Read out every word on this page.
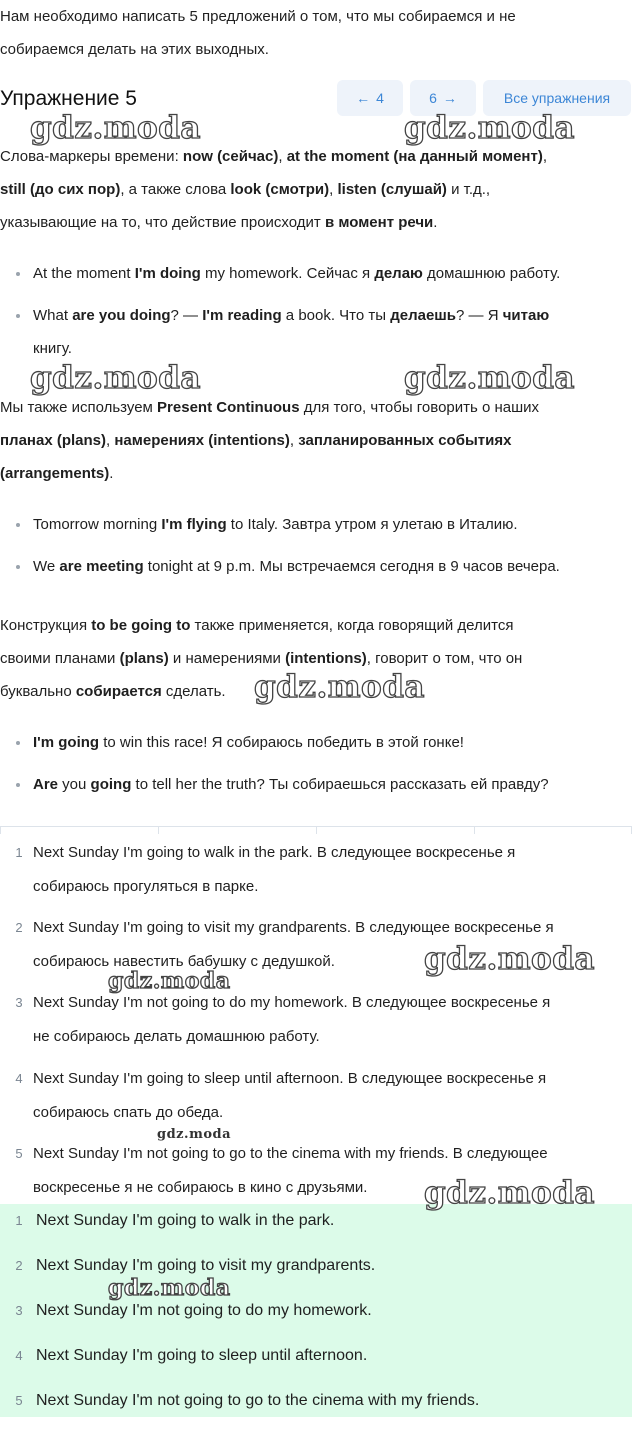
Нам необходимо написать 5 предложений о том, что мы собираемся и не

собираемся делать на этих выходных.

Упражнение 5	← 4	6 →	Все упражнения

Слова-маркеры времени: now (сейчас), at the moment (на данный момент),

still (до сих пор), а также слова look (смотри), listen (слушай) и т.д.,

указывающие на то, что действие происходит в момент речи.

At the moment I'm doing my homework. Сейчас я делаю домашнюю работу.
What are you doing? — I'm reading a book. Что ты делаешь? — Я читаю
книгу.

Мы также используем Present Continuous для того, чтобы говорить о наших

планах (plans), намерениях (intentions), запланированных событиях

(arrangements).

Tomorrow morning I'm flying to Italy. Завтра утром я улетаю в Италию.
We are meeting tonight at 9 p.m. Мы встречаемся сегодня в 9 часов вечера.

Конструкция to be going to также применяется, когда говорящий делится

своими планами (plans) и намерениями (intentions), говорит о том, что он

буквально собирается сделать.

I'm going to win this race! Я собираюсь победить в этой гонке!
Are you going to tell her the truth? Ты собираешься рассказать ей правду?
1 Next Sunday I'm going to walk in the park. В следующее воскресенье я
собираюсь прогуляться в парке.
2 Next Sunday I'm going to visit my grandparents. В следующее воскресенье я
собираюсь навестить бабушку с дедушкой.
3 Next Sunday I'm not going to do my homework. В следующее воскресенье я
не собираюсь делать домашнюю работу.
4 Next Sunday I'm going to sleep until afternoon. В следующее воскресенье я
собираюсь спать до обеда.
5 Next Sunday I'm not going to go to the cinema with my friends. В следующее
воскресенье я не собираюсь в кино с друзьями.
1 Next Sunday I'm going to walk in the park.
2 Next Sunday I'm going to visit my grandparents.
3 Next Sunday I'm not going to do my homework.
4 Next Sunday I'm going to sleep until afternoon.
5 Next Sunday I'm not going to go to the cinema with my friends.
gdz.moda	gdz.moda
gdz.moda	gdz.moda
gdz.moda
gdz.moda
gdz.moda
gdz.moda
gdz.moda
gdz.moda
